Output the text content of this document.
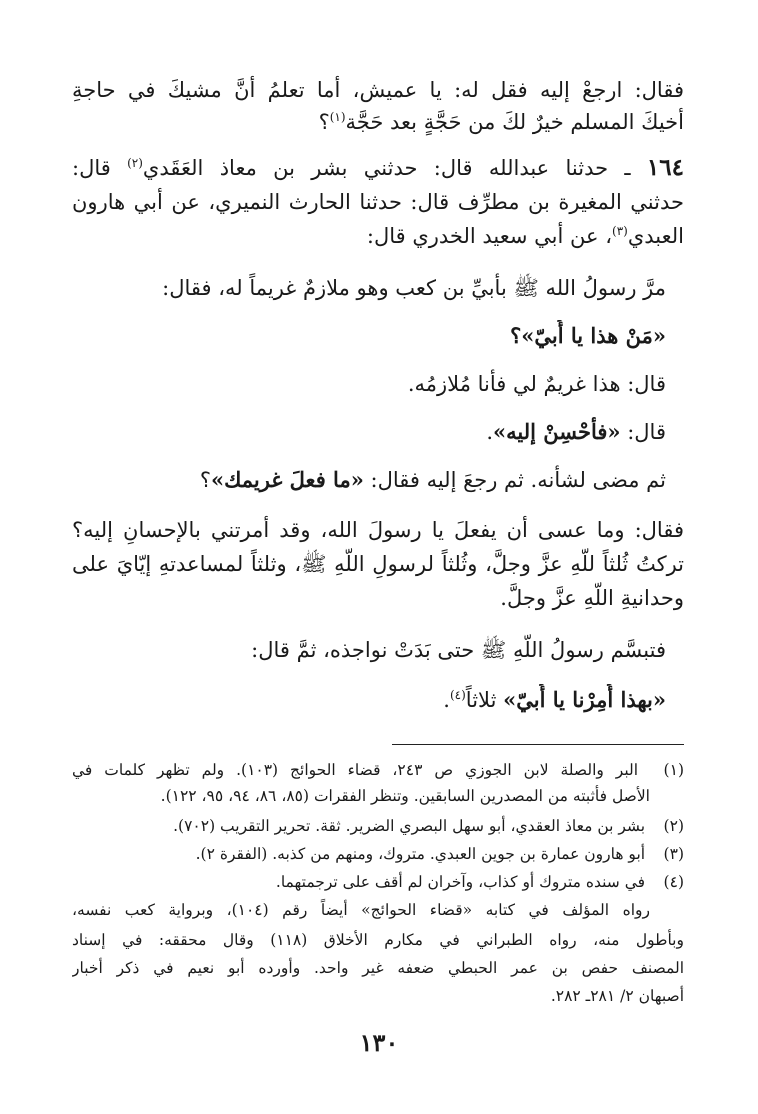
فقال: ارجعْ إليه فقل له: يا عميش، أما تعلمُ أنَّ مشيكَ في حاجةِ
أخيكَ المسلم خيرٌ لكَ من حَجَّةٍ بعد حَجَّة$^{(١)}$؟
١٦٤ ـ حدثنا عبدالله قال: حدثني بشر بن معاذ العَقَدي$^{(٢)}$ قال:
حدثني المغيرة بن مطرِّف قال: حدثنا الحارث النميري، عن أبي هارون
العبدي$^{(٣)}$، عن أبي سعيد الخدري قال:
مرَّ رسولُ الله ﷺ بأُبيِّ بن كعب وهو ملازمٌ غريماً له، فقال:
«مَنْ هذا يا أُبيّ»؟
قال: هذا غريمٌ لي فأنا مُلازمُه.
قال: «فأحْسِنْ إليه».
ثم مضى لشأنه. ثم رجعَ إليه فقال: «ما فعلَ غريمك»؟
فقال: وما عسى أن يفعلَ يا رسولَ الله، وقد أمرتني بالإحسانِ إليه؟
تركتُ ثُلثاً للَّهِ عزَّ وجلَّ، وثُلثاً لرسولِ اللَّهِ ﷺ، وثلثاً لمساعدتهِ إيّايَ على
وحدانيةِ اللَّهِ عزَّ وجلَّ.
فتبسَّم رسولُ اللَّهِ ﷺ حتى بَدَتْ نواجذه، ثمَّ قال:
«بهذا أُمِرْنا يا أُبيّ» ثلاثاً$^{(٤)}$.
(١) البر والصلة لابن الجوزي ص ٢٤٣، قضاء الحوائج (١٠٣). ولم تظهر كلمات في
الأصل فأثبته من المصدرين السابقين. وتنظر الفقرات (٨٥، ٨٦، ٩٤، ٩٥، ١٢٢).
(٢) بشر بن معاذ العقدي، أبو سهل البصري الضرير. ثقة. تحرير التقريب (٧٠٢).
(٣) أبو هارون عمارة بن جوين العبدي. متروك، ومنهم من كذبه. (الفقرة ٢).
(٤) في سنده متروك أو كذاب، وآخران لم أقف على ترجمتهما.
رواه المؤلف في كتابه «قضاء الحوائج» أيضاً رقم (١٠٤)، وبرواية كعب نفسه،
وبأطول منه، رواه الطبراني في مكارم الأخلاق (١١٨) وقال محققه: في إسناد
المصنف حفص بن عمر الحبطي ضعفه غير واحد. وأورده أبو نعيم في ذكر أخبار
أصبهان ٢/ ٢٨١ـ ٢٨٢.
١٣٠
